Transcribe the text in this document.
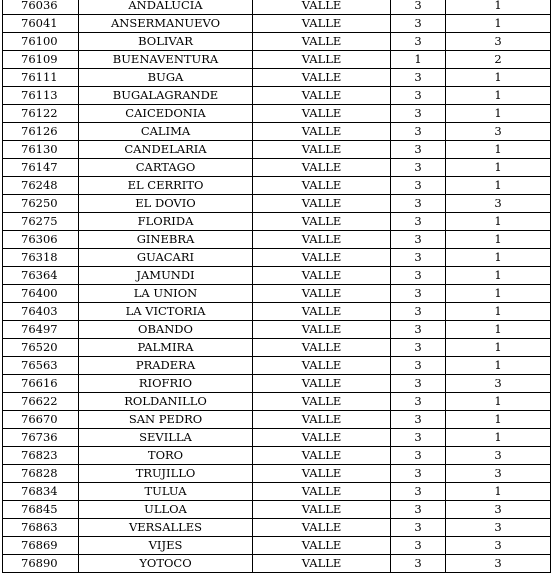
76036	ANDALUCIA	VALLE	3	1
76041	ANSERMANUEVO	VALLE	3	1
76100	BOLIVAR	VALLE	3	3
76109	BUENAVENTURA	VALLE	1	2
76111	BUGA	VALLE	3	1
76113	BUGALAGRANDE	VALLE	3	1
76122	CAICEDONIA	VALLE	3	1
76126	CALIMA	VALLE	3	3
76130	CANDELARIA	VALLE	3	1
76147	CARTAGO	VALLE	3	1
76248	EL CERRITO	VALLE	3	1
76250	EL DOVIO	VALLE	3	3
76275	FLORIDA	VALLE	3	1
76306	GINEBRA	VALLE	3	1
76318	GUACARI	VALLE	3	1
76364	JAMUNDI	VALLE	3	1
76400	LA UNION	VALLE	3	1
76403	LA VICTORIA	VALLE	3	1
76497	OBANDO	VALLE	3	1
76520	PALMIRA	VALLE	3	1
76563	PRADERA	VALLE	3	1
76616	RIOFRIO	VALLE	3	3
76622	ROLDANILLO	VALLE	3	1
76670	SAN PEDRO	VALLE	3	1
76736	SEVILLA	VALLE	3	1
76823	TORO	VALLE	3	3
76828	TRUJILLO	VALLE	3	3
76834	TULUA	VALLE	3	1
76845	ULLOA	VALLE	3	3
76863	VERSALLES	VALLE	3	3
76869	VIJES	VALLE	3	3
76890	YOTOCO	VALLE	3	3
